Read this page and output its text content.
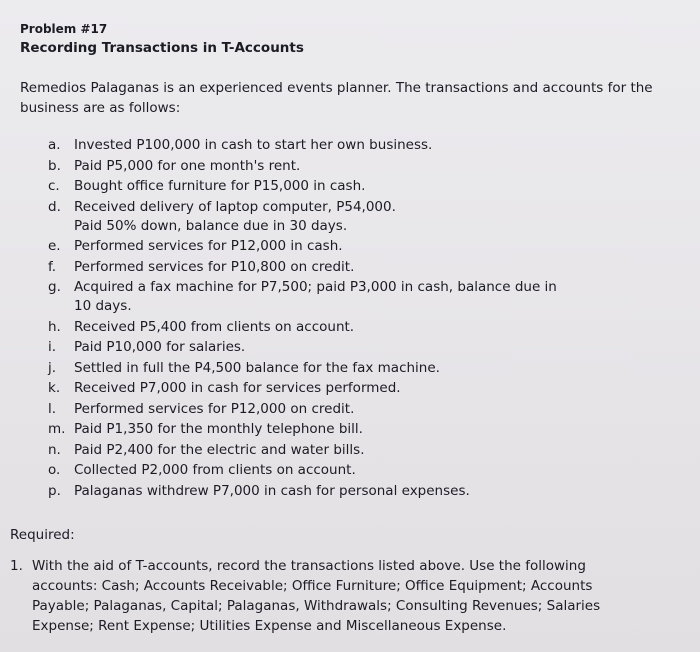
Problem #17
Recording Transactions in T-Accounts
Remedios Palaganas is an experienced events planner. The transactions and accounts for the business are as follows:
a. Invested P100,000 in cash to start her own business.
b. Paid P5,000 for one month's rent.
c.	Bought office furniture for P15,000 in cash.
d. Received delivery of laptop computer, P54,000.
Paid 50% down, balance due in 30 days.
e. Performed services for P12,000 in cash.
f.	Performed services for P10,800 on credit.
g. Acquired a fax machine for P7,500; paid P3,000 in cash, balance due in
10 days.
h. Received P5,400 from clients on account.
i.	Paid P10,000 for salaries.
j.	Settled in full the P4,500 balance for the fax machine.
k.	Received P7,000 in cash for services performed.
l.	Performed services for P12,000 on credit.
m. Paid P1,350 for the monthly telephone bill.
n. Paid P2,400 for the electric and water bills.
o.	Collected P2,000 from clients on account.
p. Palaganas withdrew P7,000 in cash for personal expenses.
Required:
1. With the aid of T-accounts, record the transactions listed above. Use the following accounts: Cash; Accounts Receivable; Office Furniture; Office Equipment; Accounts Payable; Palaganas, Capital; Palaganas, Withdrawals; Consulting Revenues; Salaries Expense; Rent Expense; Utilities Expense and Miscellaneous Expense.
